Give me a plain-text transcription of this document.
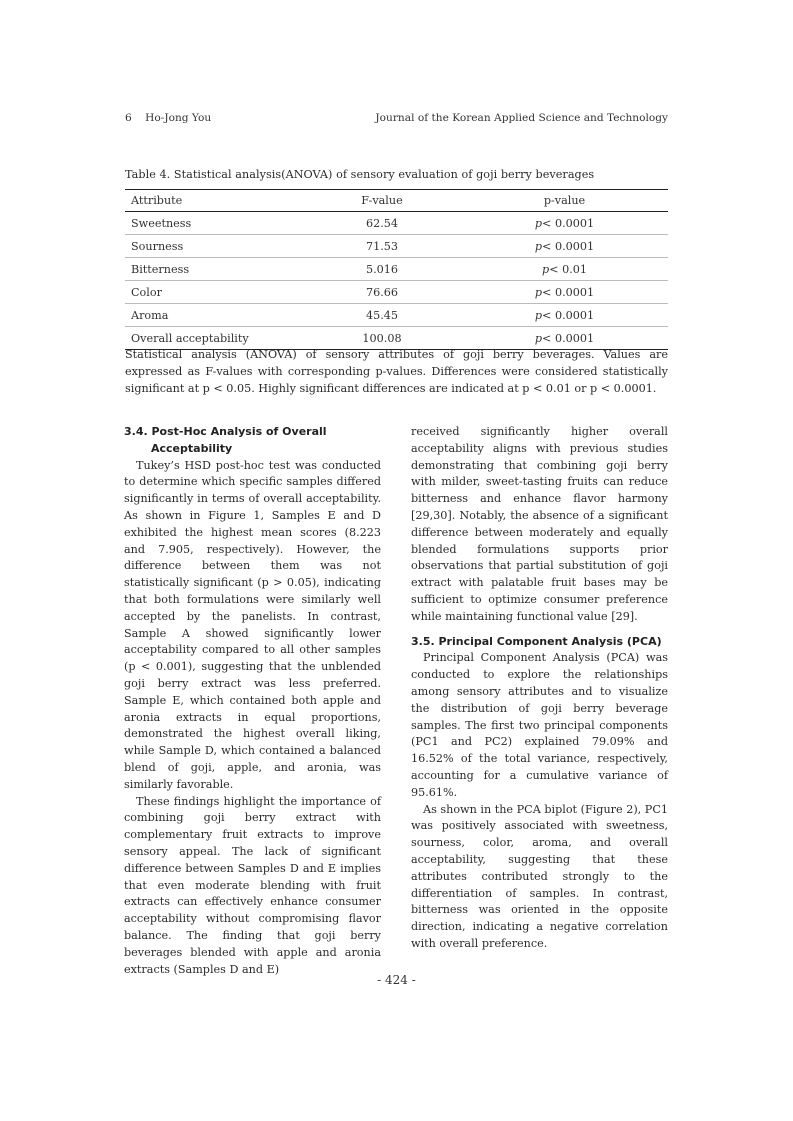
6 Ho-Jong You	Journal of the Korean Applied Science and Technology
Table 4. Statistical analysis(ANOVA) of sensory evaluation of goji berry beverages
Attribute	F-value	p-value
Sweetness	62.54	p< 0.0001
Sourness	71.53	p< 0.0001
Bitterness	5.016	p< 0.01
Color	76.66	p< 0.0001
Aroma	45.45	p< 0.0001
Overall acceptability	100.08	p< 0.0001
Statistical analysis (ANOVA) of sensory attributes of goji berry beverages. Values are expressed as F-values with corresponding p-values. Differences were considered statistically significant at p < 0.05. Highly significant differences are indicated at p < 0.01 or p < 0.0001.
3.4. Post-Hoc Analysis of Overall
Acceptability

Tukey’s HSD post-hoc test was conducted to determine which specific samples differed significantly in terms of overall acceptability. As shown in Figure 1, Samples E and D exhibited the highest mean scores (8.223 and 7.905, respectively). However, the difference between them was not statistically significant (p > 0.05), indicating that both formulations were similarly well accepted by the panelists. In contrast, Sample A showed significantly lower acceptability compared to all other samples (p < 0.001), suggesting that the unblended goji berry extract was less preferred. Sample E, which contained both apple and aronia extracts in equal proportions, demonstrated the highest overall liking, while Sample D, which contained a balanced blend of goji, apple, and aronia, was similarly favorable.

These findings highlight the importance of combining goji berry extract with complementary fruit extracts to improve sensory appeal. The lack of significant difference between Samples D and E implies that even moderate blending with fruit extracts can effectively enhance consumer acceptability without compromising flavor balance. The finding that goji berry beverages blended with apple and aronia extracts (Samples D and E)

received significantly higher overall acceptability aligns with previous studies demonstrating that combining goji berry with milder, sweet-tasting fruits can reduce bitterness and enhance flavor harmony [29,30]. Notably, the absence of a significant difference between moderately and equally blended formulations supports prior observations that partial substitution of goji extract with palatable fruit bases may be sufficient to optimize consumer preference while maintaining functional value [29].

3.5. Principal Component Analysis (PCA)

Principal Component Analysis (PCA) was conducted to explore the relationships among sensory attributes and to visualize the distribution of goji berry beverage samples. The first two principal components (PC1 and PC2) explained 79.09% and 16.52% of the total variance, respectively, accounting for a cumulative variance of 95.61%.

As shown in the PCA biplot (Figure 2), PC1 was positively associated with sweetness, sourness, color, aroma, and overall acceptability, suggesting that these attributes contributed strongly to the differentiation of samples. In contrast, bitterness was oriented in the opposite direction, indicating a negative correlation with overall preference.

- 424 -
